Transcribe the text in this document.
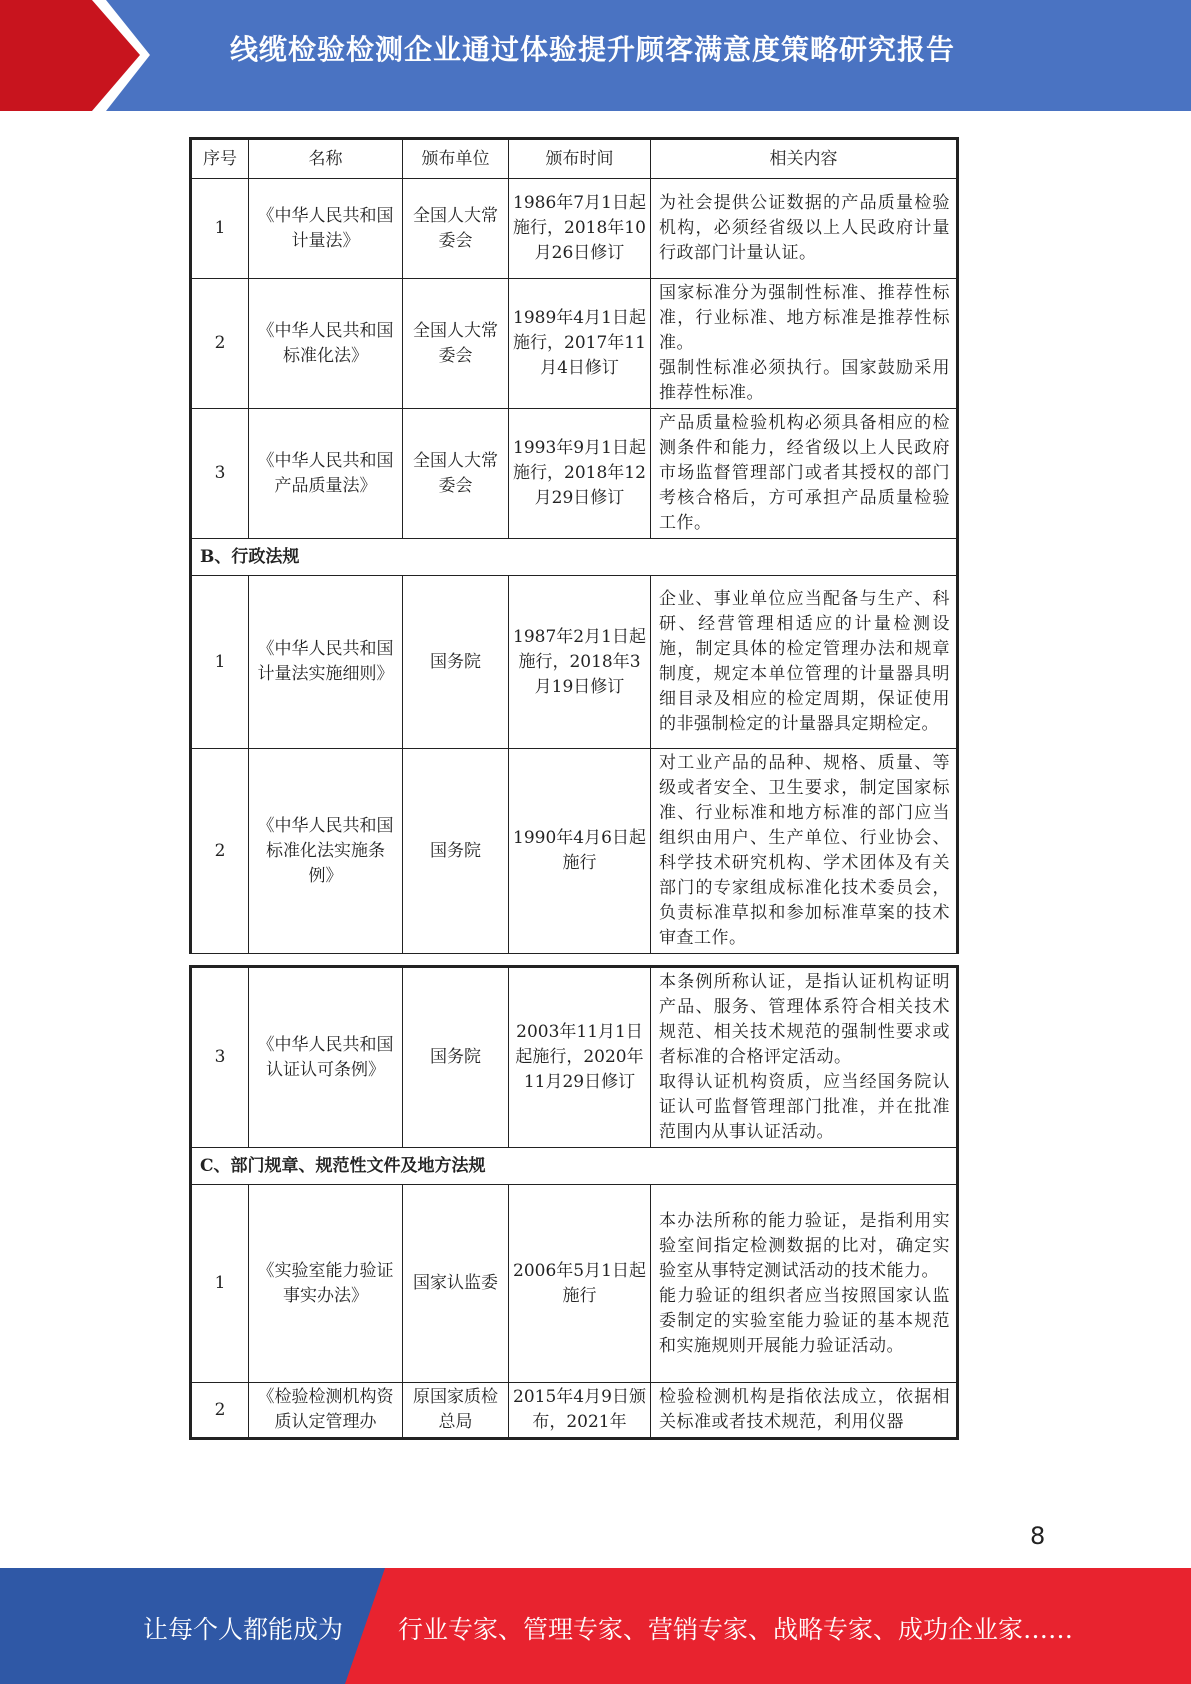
线缆检验检测企业通过体验提升顾客满意度策略研究报告
序号	名称	颁布单位	颁布时间	相关内容
1	《中华人民共和国计量法》	全国人大常委会	1986年7月1日起施行，2018年10月26日修订	为社会提供公证数据的产品质量检验机构，必须经省级以上人民政府计量行政部门计量认证。

2	《中华人民共和国标准化法》	全国人大常委会	1989年4月1日起施行，2017年11月4日修订	国家标准分为强制性标准、推荐性标准，行业标准、地方标准是推荐性标准。
强制性标准必须执行。国家鼓励采用推荐性标准。

3	《中华人民共和国产品质量法》	全国人大常委会	1993年9月1日起施行，2018年12月29日修订	产品质量检验机构必须具备相应的检测条件和能力，经省级以上人民政府市场监督管理部门或者其授权的部门考核合格后，方可承担产品质量检验工作。

B、行政法规				
1	《中华人民共和国计量法实施细则》	国务院	1987年2月1日起施行，2018年3月19日修订	企业、事业单位应当配备与生产、科研、经营管理相适应的计量检测设施，制定具体的检定管理办法和规章制度，规定本单位管理的计量器具明细目录及相应的检定周期，保证使用的非强制检定的计量器具定期检定。

2	《中华人民共和国标准化法实施条例》	国务院	1990年4月6日起施行	对工业产品的品种、规格、质量、等级或者安全、卫生要求，制定国家标准、行业标准和地方标准的部门应当组织由用户、生产单位、行业协会、科学技术研究机构、学术团体及有关部门的专家组成标准化技术委员会，负责标准草拟和参加标准草案的技术审查工作。
3	《中华人民共和国认证认可条例》	国务院	2003年11月1日起施行，2020年11月29日修订	本条例所称认证，是指认证机构证明产品、服务、管理体系符合相关技术规范、相关技术规范的强制性要求或者标准的合格评定活动。
取得认证机构资质，应当经国务院认证认可监督管理部门批准，并在批准范围内从事认证活动。

C、部门规章、规范性文件及地方法规				
1	《实验室能力验证事实办法》	国家认监委	2006年5月1日起施行	本办法所称的能力验证，是指利用实验室间指定检测数据的比对，确定实验室从事特定测试活动的技术能力。
能力验证的组织者应当按照国家认监委制定的实验室能力验证的基本规范和实施规则开展能力验证活动。

2	《检验检测机构资质认定管理办	原国家质检总局	2015年4月9日颁布，2021年	检验检测机构是指依法成立，依据相关标准或者技术规范，利用仪器
8
让每个人都能成为 行业专家、管理专家、营销专家、战略专家、成功企业家……
